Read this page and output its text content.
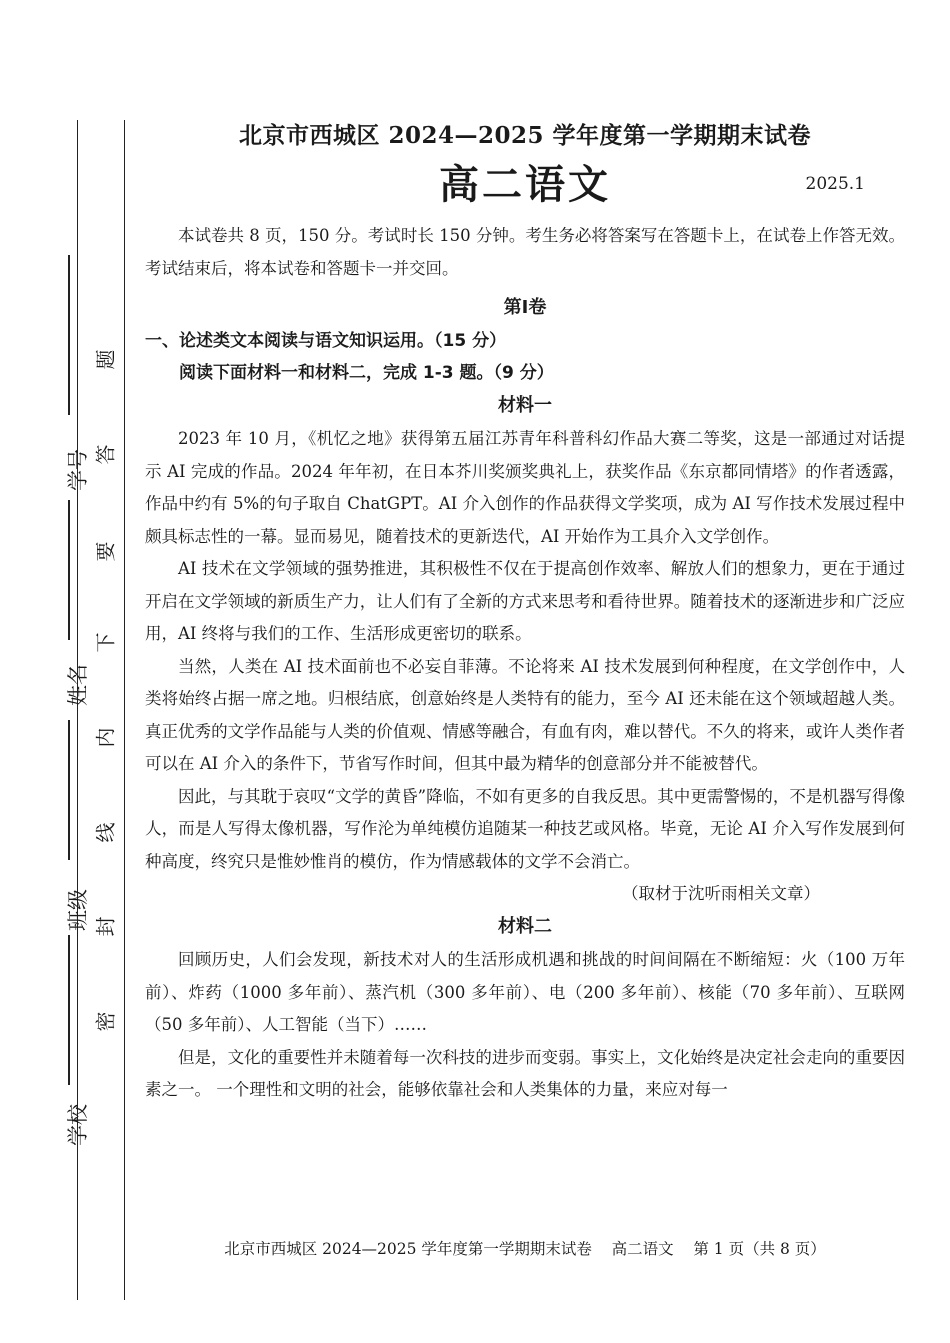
学号
姓名
班级
学校
题
答
要
下
内
线
封
密
北京市西城区 2024—2025 学年度第一学期期末试卷
高二语文	2025.1

本试卷共 8 页，150 分。考试时长 150 分钟。考生务必将答案写在答题卡上，在试卷上作答无效。考试结束后，将本试卷和答题卡一并交回。

第Ⅰ卷

一、论述类文本阅读与语文知识运用。（15 分）

阅读下面材料一和材料二，完成 1-3 题。（9 分）

材料一

2023 年 10 月，《机忆之地》获得第五届江苏青年科普科幻作品大赛二等奖，这是一部通过对话提示 AI 完成的作品。2024 年年初，在日本芥川奖颁奖典礼上，获奖作品《东京都同情塔》的作者透露，作品中约有 5%的句子取自 ChatGPT。AI 介入创作的作品获得文学奖项，成为 AI 写作技术发展过程中颇具标志性的一幕。显而易见，随着技术的更新迭代，AI 开始作为工具介入文学创作。

AI 技术在文学领域的强势推进，其积极性不仅在于提高创作效率、解放人们的想象力，更在于通过开启在文学领域的新质生产力，让人们有了全新的方式来思考和看待世界。随着技术的逐渐进步和广泛应用，AI 终将与我们的工作、生活形成更密切的联系。

当然，人类在 AI 技术面前也不必妄自菲薄。不论将来 AI 技术发展到何种程度，在文学创作中，人类将始终占据一席之地。归根结底，创意始终是人类特有的能力，至今 AI 还未能在这个领域超越人类。真正优秀的文学作品能与人类的价值观、情感等融合，有血有肉，难以替代。不久的将来，或许人类作者可以在 AI 介入的条件下，节省写作时间，但其中最为精华的创意部分并不能被替代。

因此，与其耽于哀叹“文学的黄昏”降临，不如有更多的自我反思。其中更需警惕的，不是机器写得像人，而是人写得太像机器，写作沦为单纯模仿追随某一种技艺或风格。毕竟，无论 AI 介入写作发展到何种高度，终究只是惟妙惟肖的模仿，作为情感载体的文学不会消亡。

（取材于沈听雨相关文章）

材料二

回顾历史，人们会发现，新技术对人的生活形成机遇和挑战的时间间隔在不断缩短：火（100 万年前）、炸药（1000 多年前）、蒸汽机（300 多年前）、电（200 多年前）、核能（70 多年前）、互联网（50 多年前）、人工智能（当下）……

但是，文化的重要性并未随着每一次科技的进步而变弱。事实上，文化始终是决定社会走向的重要因素之一。 一个理性和文明的社会，能够依靠社会和人类集体的力量，来应对每一

北京市西城区 2024—2025 学年度第一学期期末试卷    高二语文    第 1 页（共 8 页）
